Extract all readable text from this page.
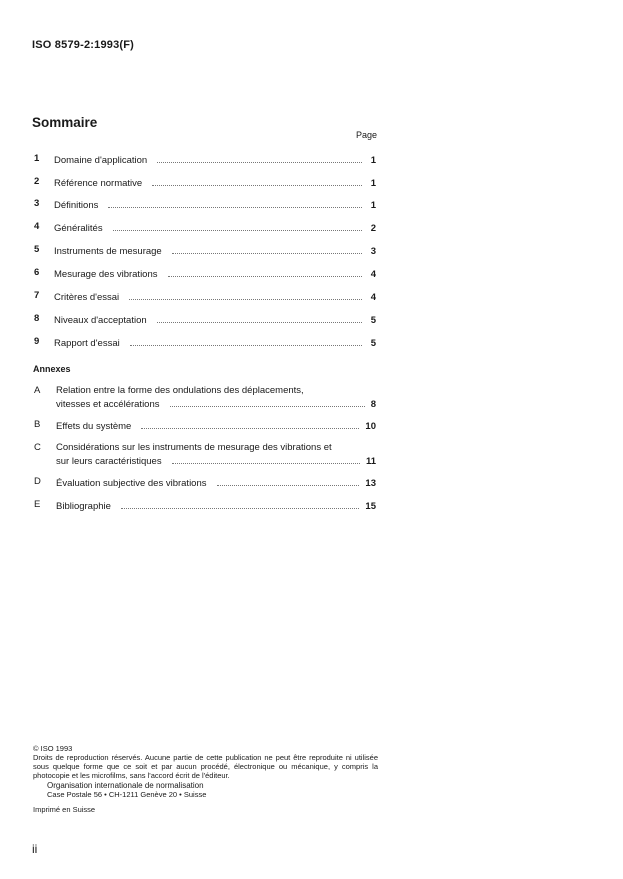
ISO 8579-2:1993(F)
Sommaire
Page
1	Domaine d'application	1
2	Référence normative	1
3	Définitions	1
4	Généralités	2
5	Instruments de mesurage	3
6	Mesurage des vibrations	4
7	Critères d'essai	4
8	Niveaux d'acceptation	5
9	Rapport d'essai	5
Annexes
A	Relation entre la forme des ondulations des déplacements,
vitesses et accélérations	8
B	Effets du système	10
C	Considérations sur les instruments de mesurage des vibrations et
sur leurs caractéristiques	11
D	Évaluation subjective des vibrations	13
E	Bibliographie	15
© ISO 1993
Droits de reproduction réservés. Aucune partie de cette publication ne peut être reproduite ni utilisée sous quelque forme que ce soit et par aucun procédé, électronique ou mécanique, y compris la photocopie et les microfilms, sans l'accord écrit de l'éditeur.
Organisation internationale de normalisation
Case Postale 56 • CH-1211 Genève 20 • Suisse
Imprimé en Suisse
ii
